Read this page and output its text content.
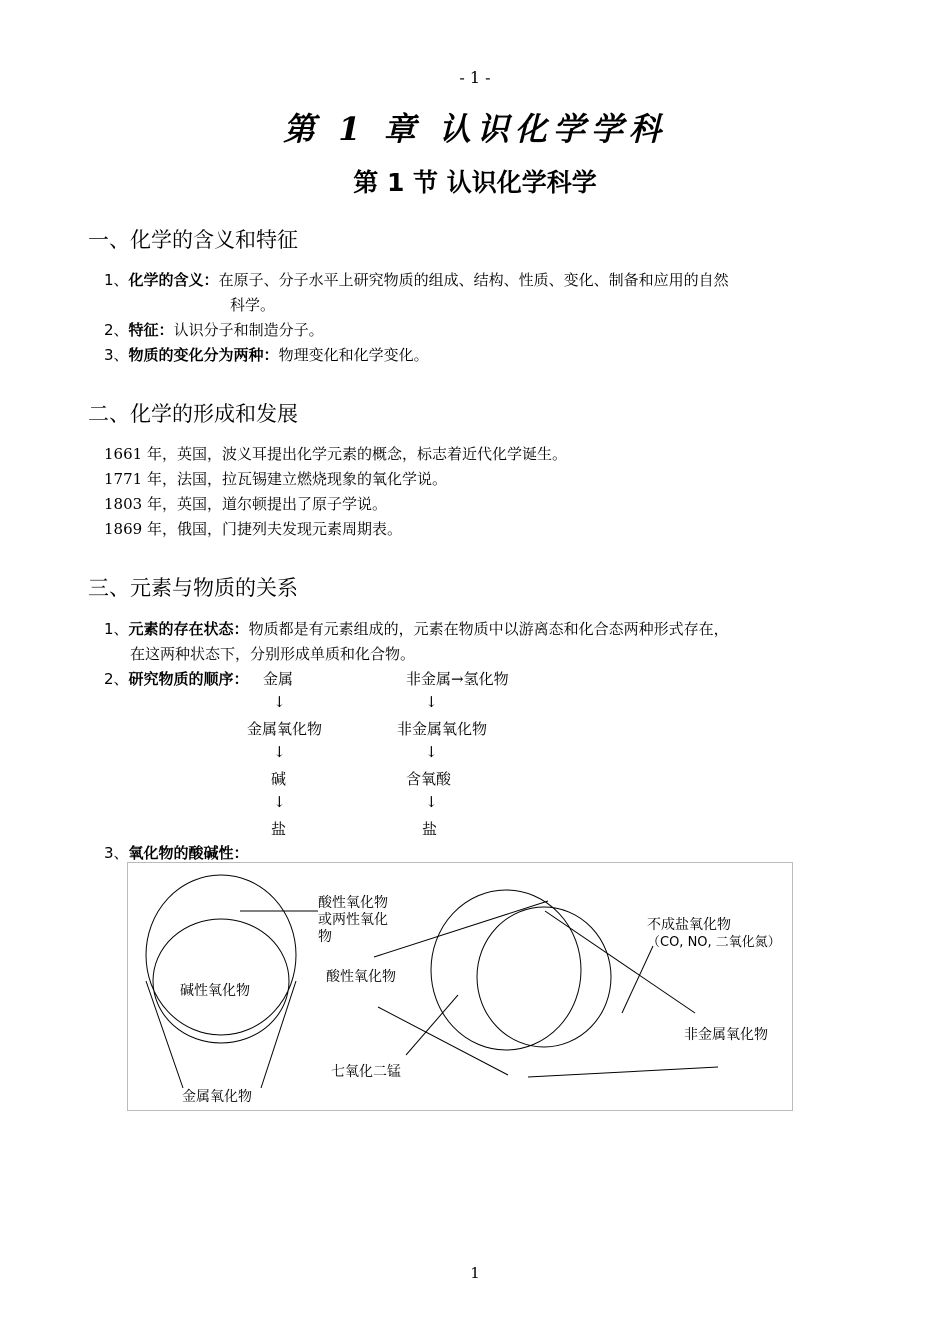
- 1 -
第 1 章 认识化学学科
第 1 节 认识化学科学
一、化学的含义和特征
1、化学的含义：在原子、分子水平上研究物质的组成、结构、性质、变化、制备和应用的自然
科学。
2、特征：认识分子和制造分子。
3、物质的变化分为两种：物理变化和化学变化。
二、化学的形成和发展
1661 年，英国，波义耳提出化学元素的概念，标志着近代化学诞生。
1771 年，法国，拉瓦锡建立燃烧现象的氧化学说。
1803 年，英国，道尔顿提出了原子学说。
1869 年，俄国，门捷列夫发现元素周期表。
三、元素与物质的关系
1、元素的存在状态：物质都是有元素组成的，元素在物质中以游离态和化合态两种形式存在，
在这两种状态下，分别形成单质和化合物。
2、研究物质的顺序： 金属
↓
金属氧化物
↓
碱
↓
盐
非金属→氢化物
↓
非金属氧化物
↓
含氧酸
↓
盐
3、氧化物的酸碱性：
酸性氧化物
或两性氧化
物
碱性氧化物
金属氧化物
酸性氧化物
不成盐氧化物
（CO, NO, 二氧化氮）
非金属氧化物
七氧化二锰
1
